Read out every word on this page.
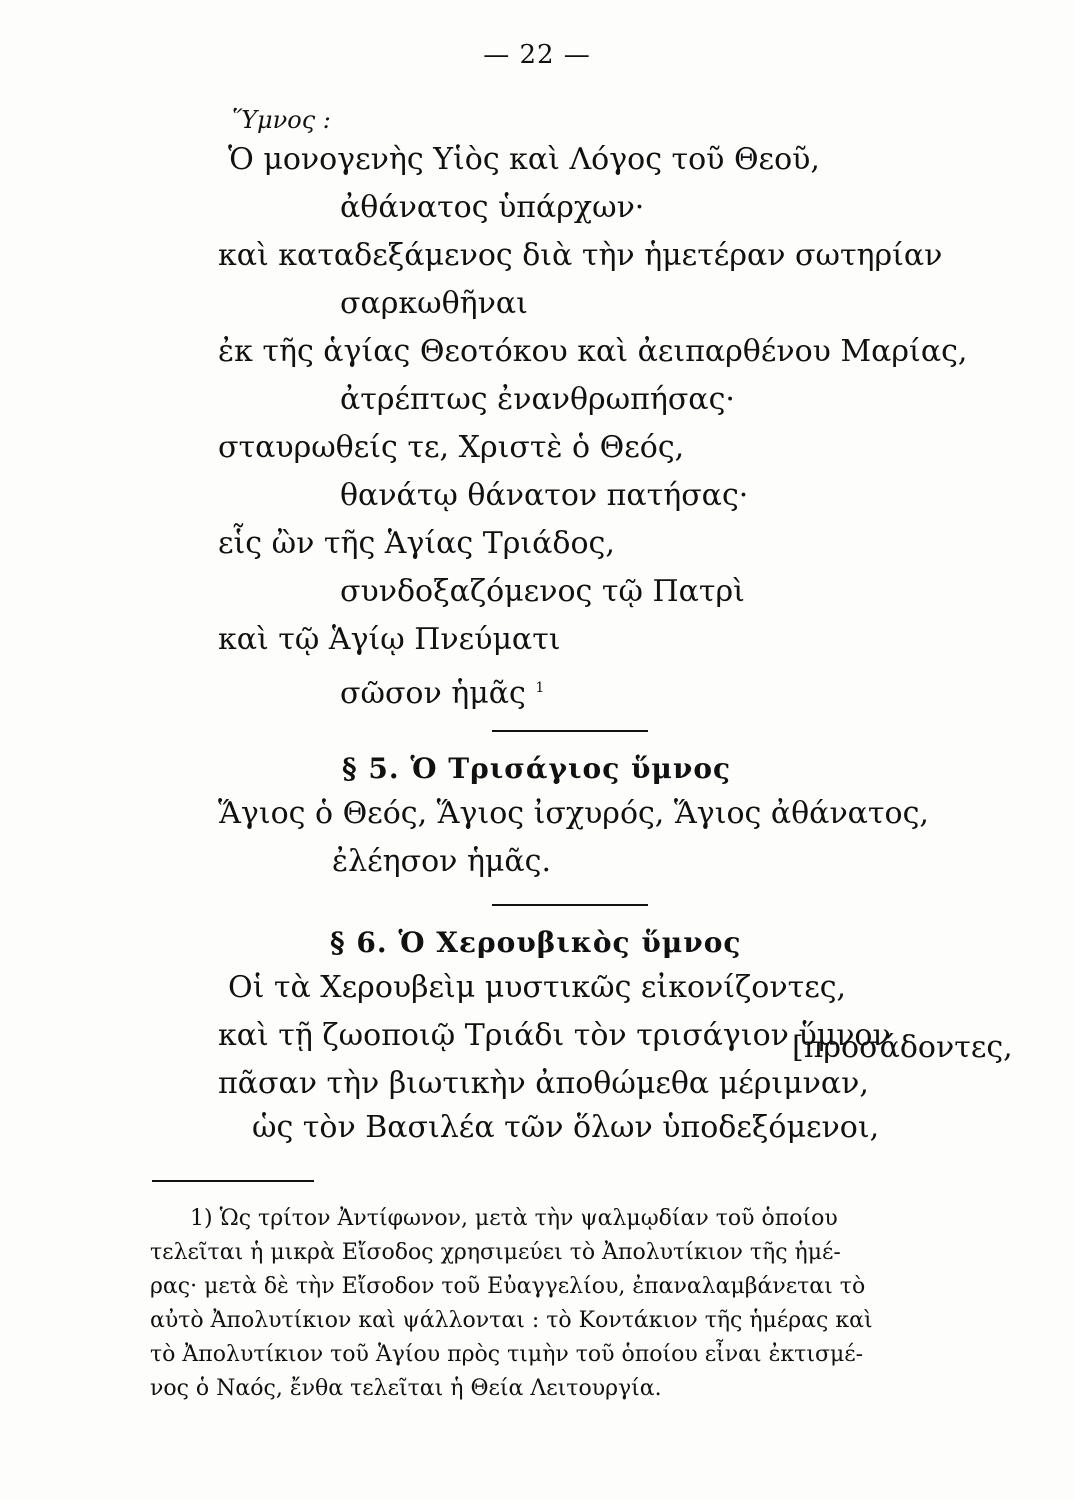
— 22 —
Ὕμνος :
Ὁ μονογενὴς Υἱὸς καὶ Λόγος τοῦ Θεοῦ,
ἀθάνατος ὑπάρχων·
καὶ καταδεξάμενος διὰ τὴν ἡμετέραν σωτηρίαν
σαρκωθῆναι
ἐκ τῆς ἁγίας Θεοτόκου καὶ ἀειπαρθένου Μαρίας,
ἀτρέπτως ἐνανθρωπήσας·
σταυρωθείς τε, Χριστὲ ὁ Θεός,
θανάτῳ θάνατον πατήσας·
εἷς ὢν τῆς Ἁγίας Τριάδος,
συνδοξαζόμενος τῷ Πατρὶ
καὶ τῷ Ἁγίῳ Πνεύματι
σῶσον ἡμᾶς $^1$
§ 5. Ὁ Τρισάγιος ὕμνος
Ἅγιος ὁ Θεός, Ἅγιος ἰσχυρός, Ἅγιος ἀθάνατος,
ἐλέησον ἡμᾶς.
§ 6. Ὁ Χερουβικὸς ὕμνος
Οἱ τὰ Χερουβεὶμ μυστικῶς εἰκονίζοντες,
καὶ τῇ ζωοποιῷ Τριάδι τὸν τρισάγιον ὕμνον
[προσάδοντες,
πᾶσαν τὴν βιωτικὴν ἀποθώμεθα μέριμναν,
1) Ὡς τρίτον Ἀντίφωνον, μετὰ τὴν ψαλμῳδίαν τοῦ ὁποίου
τελεῖται ἡ μικρὰ Εἴσοδος χρησιμεύει τὸ Ἀπολυτίκιον τῆς ἡμέ-
ρας· μετὰ δὲ τὴν Εἴσοδον τοῦ Εὐαγγελίου, ἐπαναλαμβάνεται τὸ
αὐτὸ Ἀπολυτίκιον καὶ ψάλλονται : τὸ Κοντάκιον τῆς ἡμέρας καὶ
τὸ Ἀπολυτίκιον τοῦ Ἁγίου πρὸς τιμὴν τοῦ ὁποίου εἶναι ἐκτισμέ-
νος ὁ Ναός, ἔνθα τελεῖται ἡ Θεία Λειτουργία.
ὡς τὸν Βασιλέα τῶν ὅλων ὑποδεξόμενοι,
